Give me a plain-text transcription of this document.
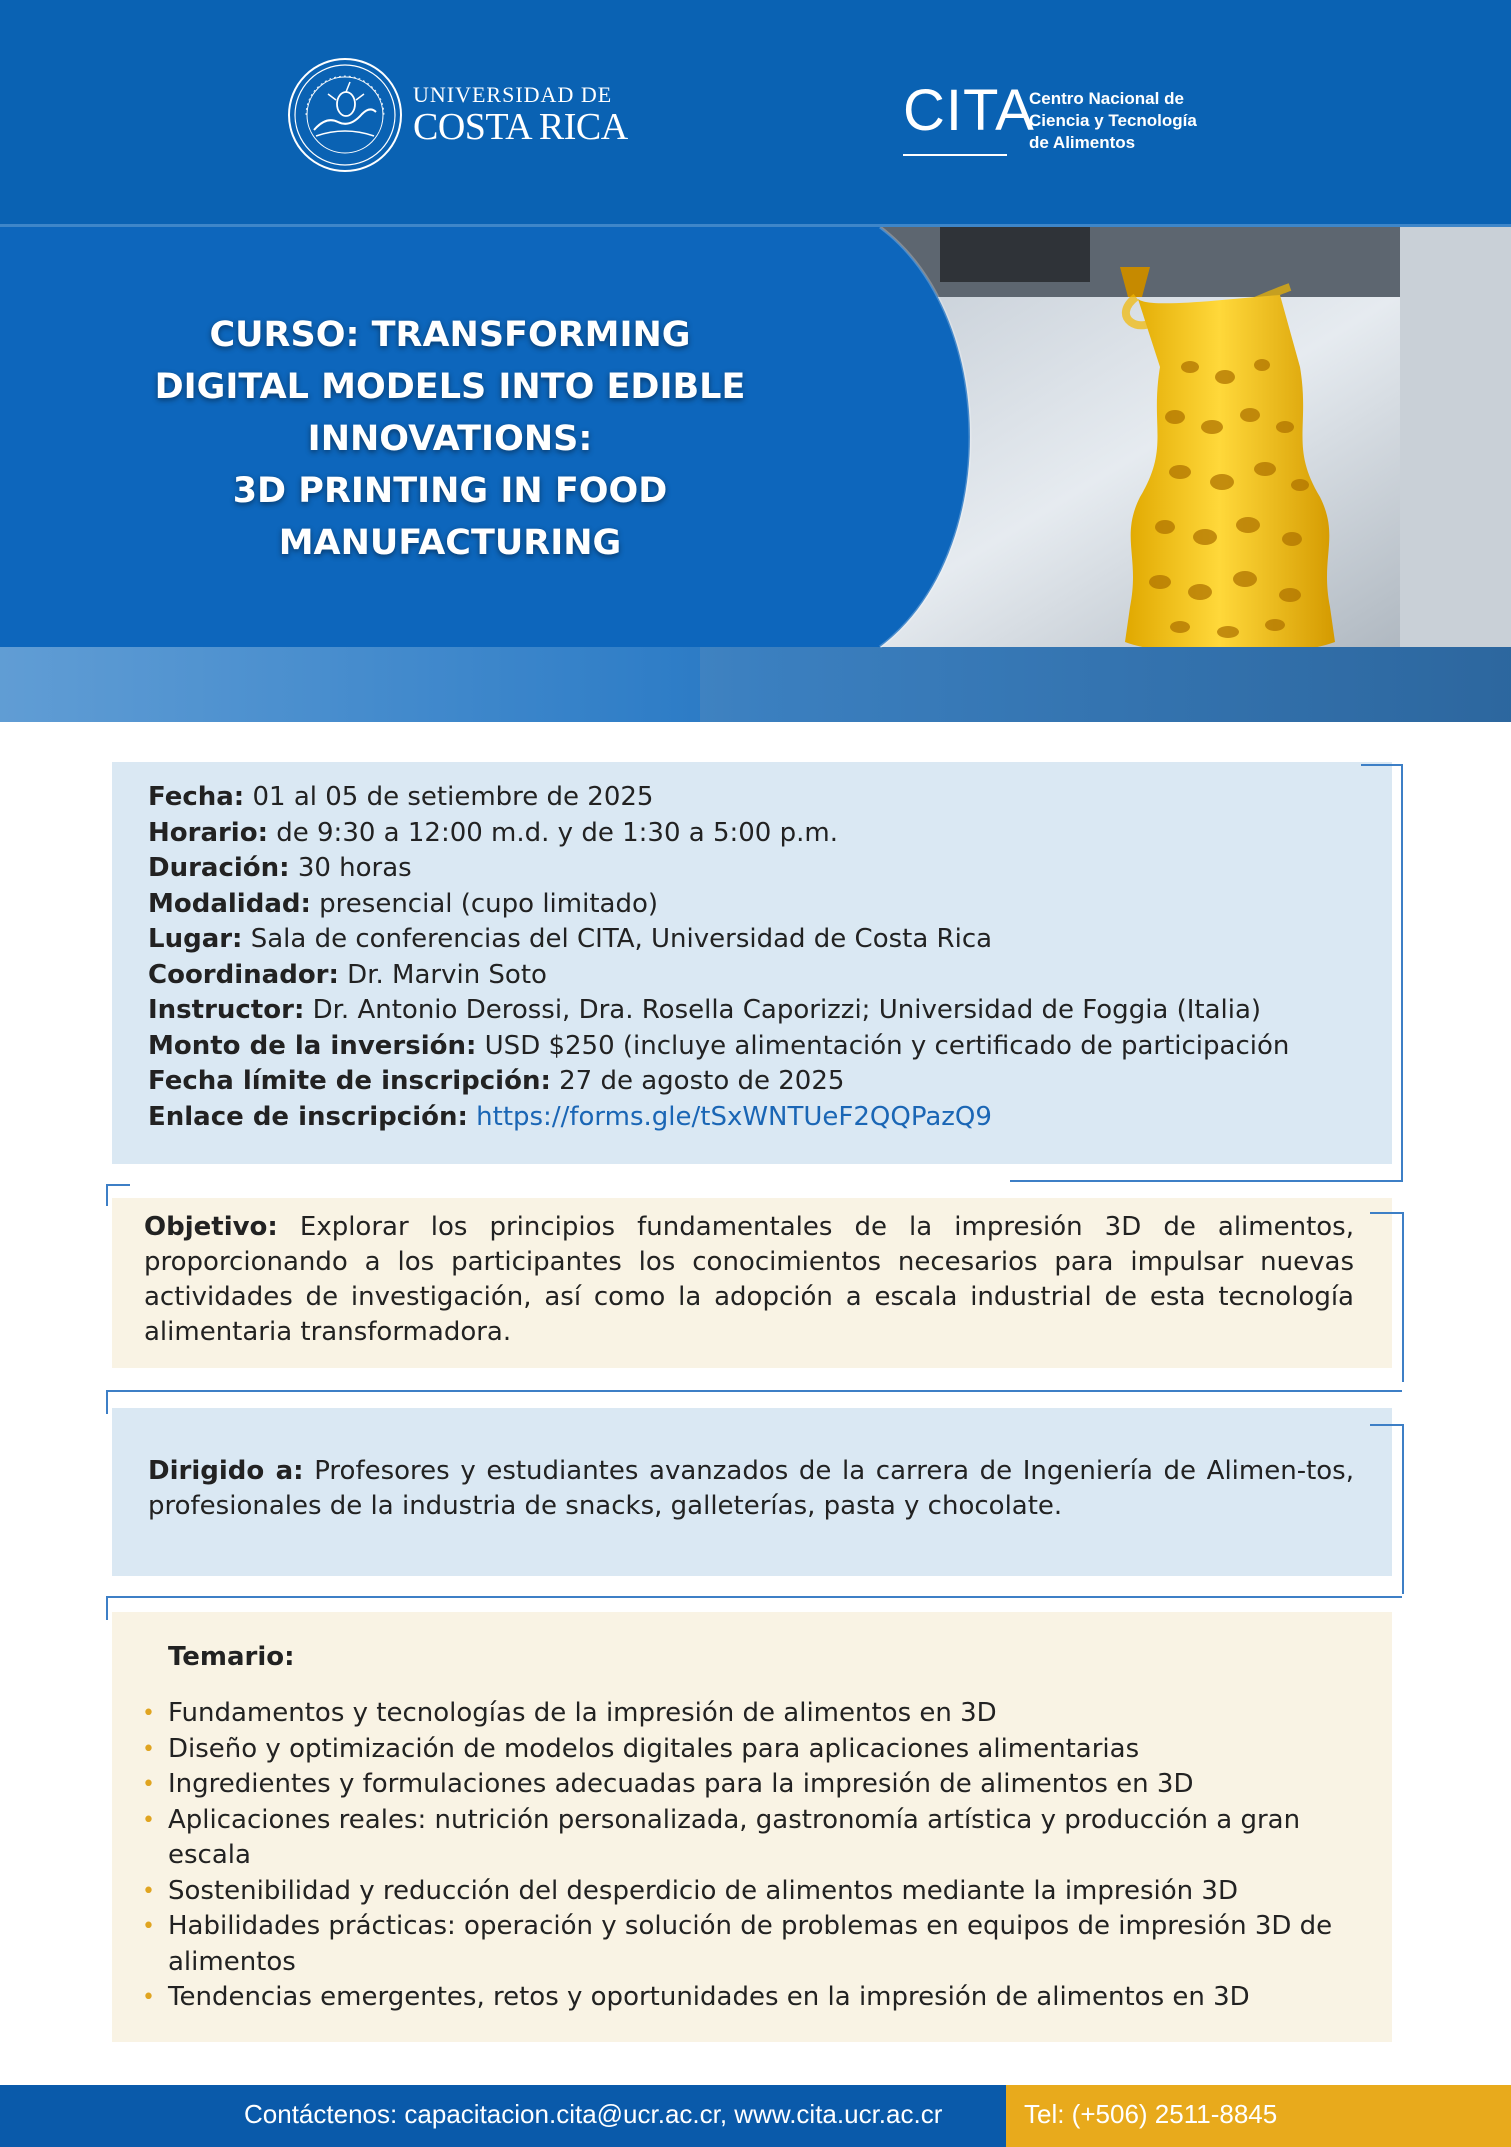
UNIVERSIDAD DE
COSTA RICA	CITA
Centro Nacional de
Ciencia y Tecnología
de Alimentos
CURSO: TRANSFORMING
DIGITAL MODELS INTO EDIBLE
INNOVATIONS:
3D PRINTING IN FOOD
MANUFACTURING
Fecha: 01 al 05 de setiembre de 2025
Horario: de 9:30 a 12:00 m.d. y de 1:30 a 5:00 p.m.
Duración: 30 horas
Modalidad: presencial (cupo limitado)
Lugar: Sala de conferencias del CITA, Universidad de Costa Rica
Coordinador: Dr. Marvin Soto
Instructor: Dr. Antonio Derossi, Dra. Rosella Caporizzi; Universidad de Foggia (Italia)
Monto de la inversión: USD $250 (incluye alimentación y certificado de participación
Fecha límite de inscripción: 27 de agosto de 2025
Enlace de inscripción: https://forms.gle/tSxWNTUeF2QQPazQ9

Objetivo: Explorar los principios fundamentales de la impresión 3D de alimentos, proporcionando a los participantes los conocimientos necesarios para impulsar nuevas actividades de investigación, así como la adopción a escala industrial de esta tecnología alimentaria transformadora.

Dirigido a: Profesores y estudiantes avanzados de la carrera de Ingeniería de Alimen-tos, profesionales de la industria de snacks, galleterías, pasta y chocolate.

Temario:
• Fundamentos y tecnologías de la impresión de alimentos en 3D
• Diseño y optimización de modelos digitales para aplicaciones alimentarias
• Ingredientes y formulaciones adecuadas para la impresión de alimentos en 3D
• Aplicaciones reales: nutrición personalizada, gastronomía artística y producción a gran escala
• Sostenibilidad y reducción del desperdicio de alimentos mediante la impresión 3D
• Habilidades prácticas: operación y solución de problemas en equipos de impresión 3D de alimentos
• Tendencias emergentes, retos y oportunidades en la impresión de alimentos en 3D
Contáctenos: capacitacion.cita@ucr.ac.cr, www.cita.ucr.ac.cr	Tel: (+506) 2511-8845
